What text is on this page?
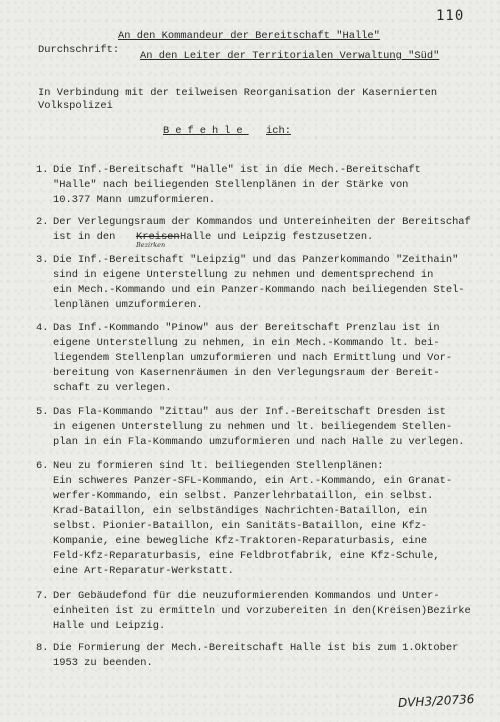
110
An den Kommandeur der Bereitschaft "Halle"
Durchschrift: An den Leiter der Territorialen Verwaltung "Süd"
In Verbindung mit der teilweisen Reorganisation der Kasernierten
Volkspolizei
Befehle ich:
1. Die Inf.-Bereitschaft "Halle" ist in die Mech.-Bereitschaft
"Halle" nach beiliegenden Stellenplänen in der Stärke von
10.377 Mann umzuformieren.
2. Der Verlegungsraum der Kommandos und Untereinheiten der Bereitschaf
ist in den Kreisen
Bezirken
Halle und Leipzig festzusetzen.
3. Die Inf.-Bereitschaft "Leipzig" und das Panzerkommando "Zeithain"
sind in eigene Unterstellung zu nehmen und dementsprechend in
ein Mech.-Kommando und ein Panzer-Kommando nach beiliegenden Stel-
lenplänen umzuformieren.
4. Das Inf.-Kommando "Pinow" aus der Bereitschaft Prenzlau ist in
eigene Unterstellung zu nehmen, in ein Mech.-Kommando lt. bei-
liegendem Stellenplan umzuformieren und nach Ermittlung und Vor-
bereitung von Kasernenräumen in den Verlegungsraum der Bereit-
schaft zu verlegen.
5. Das Fla-Kommando "Zittau" aus der Inf.-Bereitschaft Dresden ist
in eigenen Unterstellung zu nehmen und lt. beiliegendem Stellen-
plan in ein Fla-Kommando umzuformieren und nach Halle zu verlegen.
6. Neu zu formieren sind lt. beiliegenden Stellenplänen:
Ein schweres Panzer-SFL-Kommando, ein Art.-Kommando, ein Granat-
werfer-Kommando, ein selbst. Panzerlehrbataillon, ein selbst.
Krad-Bataillon, ein selbständiges Nachrichten-Bataillon, ein
selbst. Pionier-Bataillon, ein Sanitäts-Bataillon, eine Kfz-
Kompanie, eine bewegliche Kfz-Traktoren-Reparaturbasis, eine
Feld-Kfz-Reparaturbasis, eine Feldbrotfabrik, eine Kfz-Schule,
eine Art-Reparatur-Werkstatt.
7. Der Gebäudefond für die neuzuformierenden Kommandos und Unter-
einheiten ist zu ermitteln und vorzubereiten in den(Kreisen)Bezirke
Halle und Leipzig.
8. Die Formierung der Mech.-Bereitschaft Halle ist bis zum 1.Oktober
1953 zu beenden.
DVH3/20736
